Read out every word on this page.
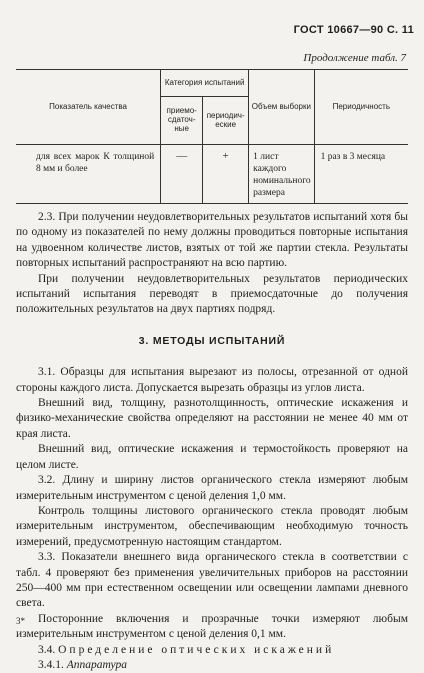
ГОСТ 10667—90 С. 11
Продолжение табл. 7
Показатель качества	Категория испытаний		Объем выборки	Периодичность
	приемо-сдаточ-ные	периодич-еские		
для всех марок К толщиной 8 мм и более	—	+	1 лист каждого номинального размера	1 раз в 3 месяца

2.3. При получении неудовлетворительных результатов испытаний хотя бы по одному из показателей по нему должны проводиться повторные испытания на удвоенном количестве листов, взятых от той же партии стекла. Результаты повторных испытаний распространяют на всю партию.

При получении неудовлетворительных результатов периодических испытаний испытания переводят в приемосдаточные до получения положительных результатов на двух партиях подряд.

3. МЕТОДЫ ИСПЫТАНИЙ

3.1. Образцы для испытания вырезают из полосы, отрезанной от одной стороны каждого листа. Допускается вырезать образцы из углов листа.

Внешний вид, толщину, разнотолщинность, оптические искажения и физико-механические свойства определяют на расстоянии не менее 40 мм от края листа.

Внешний вид, оптические искажения и термостойкость проверяют на целом листе.

3.2. Длину и ширину листов органического стекла измеряют любым измерительным инструментом с ценой деления 1,0 мм.

Контроль толщины листового органического стекла проводят любым измерительным инструментом, обеспечивающим необходимую точность измерений, предусмотренную настоящим стандартом.

3.3. Показатели внешнего вида органического стекла в соответствии с табл. 4 проверяют без применения увеличительных приборов на расстоянии 250—400 мм при естественном освещении или освещении лампами дневного света.

Посторонние включения и прозрачные точки измеряют любым измерительным инструментом с ценой деления 0,1 мм.

3.4. Определение оптических искажений

3.4.1. Аппаратура

3*
